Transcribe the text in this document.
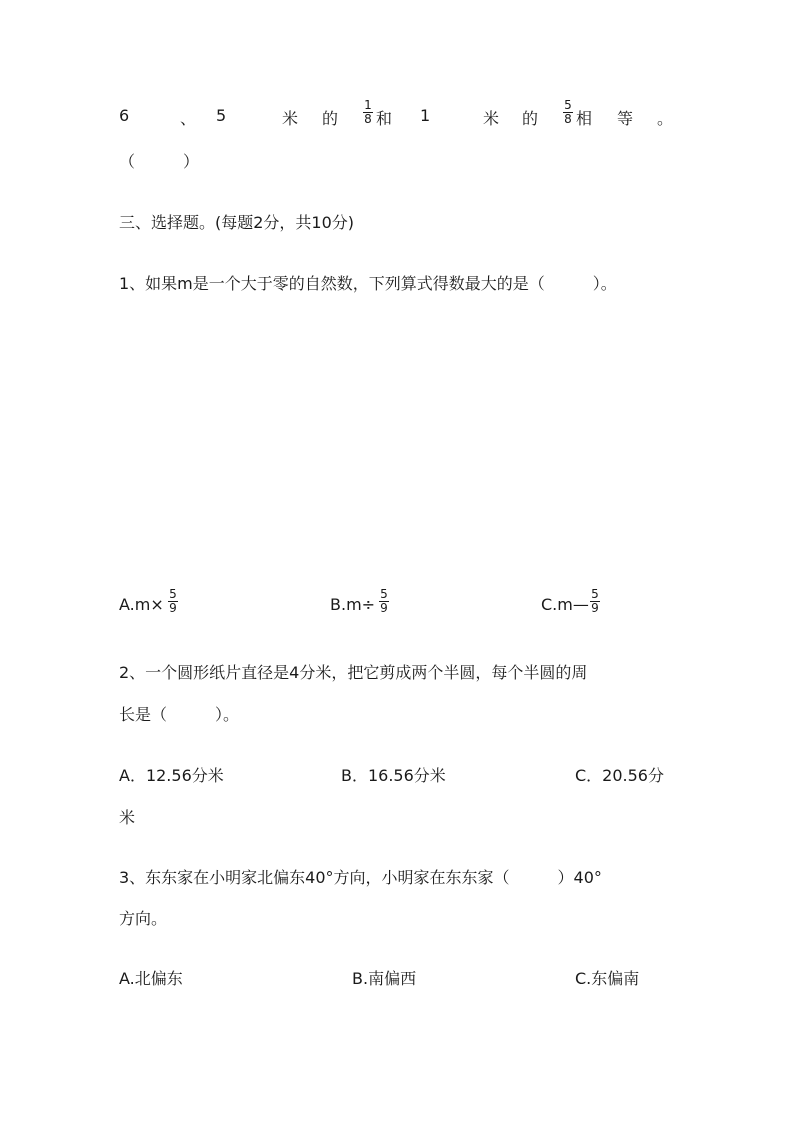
6	、 5	米 的
1
8 和 1	米 的
5
8 相 等 。
（　　　）
三、选择题。(每题2分，共10分)
1、如果m是一个大于零的自然数，下列算式得数最大的是（　　　）。
A.m×
5
9	B.m÷
5
9	C.m—
5
9
2、一个圆形纸片直径是4分米，把它剪成两个半圆，每个半圆的周
长是（　　　）。
A．12.56分米	B．16.56分米	C．20.56分
米
3、东东家在小明家北偏东40°方向，小明家在东东家（　　　）40°
方向。
A.北偏东	B.南偏西	C.东偏南
